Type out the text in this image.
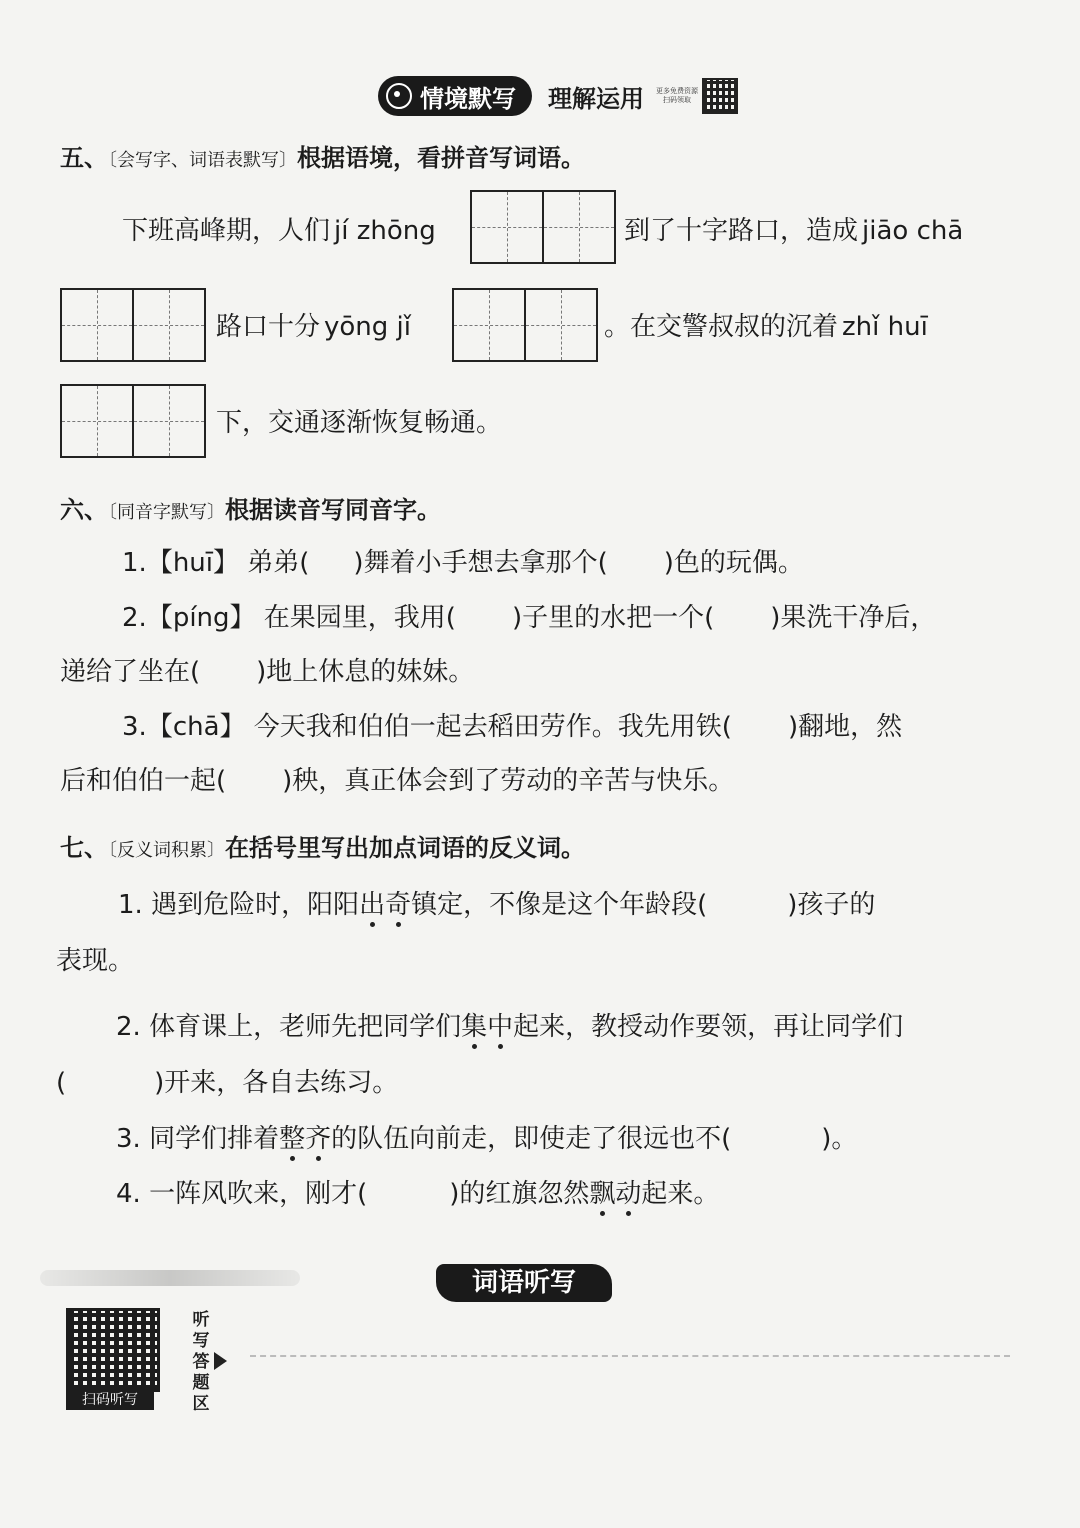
情境默写 理解运用 更多免费资源
扫码领取
五、〔会写字、词语表默写〕根据语境，看拼音写词语。
下班高峰期，人们 jí zhōng	到了十字路口，造成 jiāo chā
路口十分 yōng jǐ	。在交警叔叔的沉着 zhǐ huī
下，交通逐渐恢复畅通。
六、〔同音字默写〕根据读音写同音字。
1.【huī】 弟弟( )舞着小手想去拿那个( )色的玩偶。
2.【píng】 在果园里，我用( )子里的水把一个( )果洗干净后，
递给了坐在( )地上休息的妹妹。
3.【chā】 今天我和伯伯一起去稻田劳作。我先用铁( )翻地，然
后和伯伯一起( )秧，真正体会到了劳动的辛苦与快乐。
七、〔反义词积累〕在括号里写出加点词语的反义词。
1. 遇到危险时，阳阳出奇镇定，不像是这个年龄段(	)孩子的
表现。
2. 体育课上，老师先把同学们集中起来，教授动作要领，再让同学们
(	)开来，各自去练习。
3. 同学们排着整齐的队伍向前走，即使走了很远也不(	)。
4. 一阵风吹来，刚才(	)的红旗忽然飘动起来。
词语听写
扫码听写
听写答题区
